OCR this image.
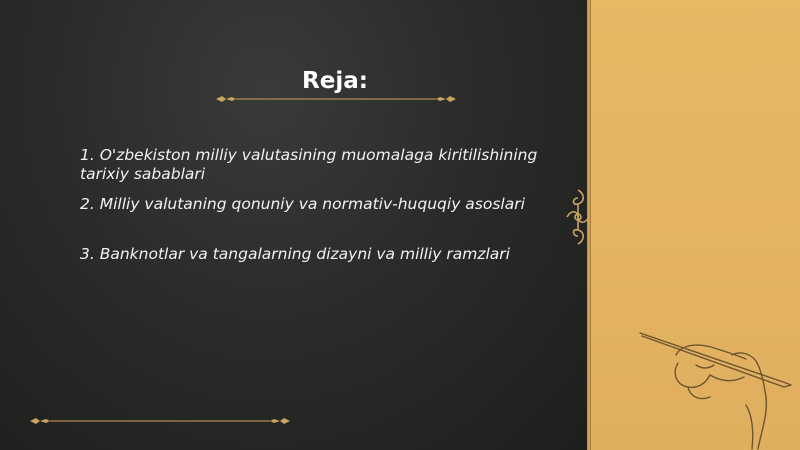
Reja:
1. O'zbekiston milliy valutasining muomalaga kiritilishining tarixiy sabablari
2. Milliy valutaning qonuniy va normativ-huquqiy asoslari
3. Banknotlar va tangalarning dizayni va milliy ramzlari
